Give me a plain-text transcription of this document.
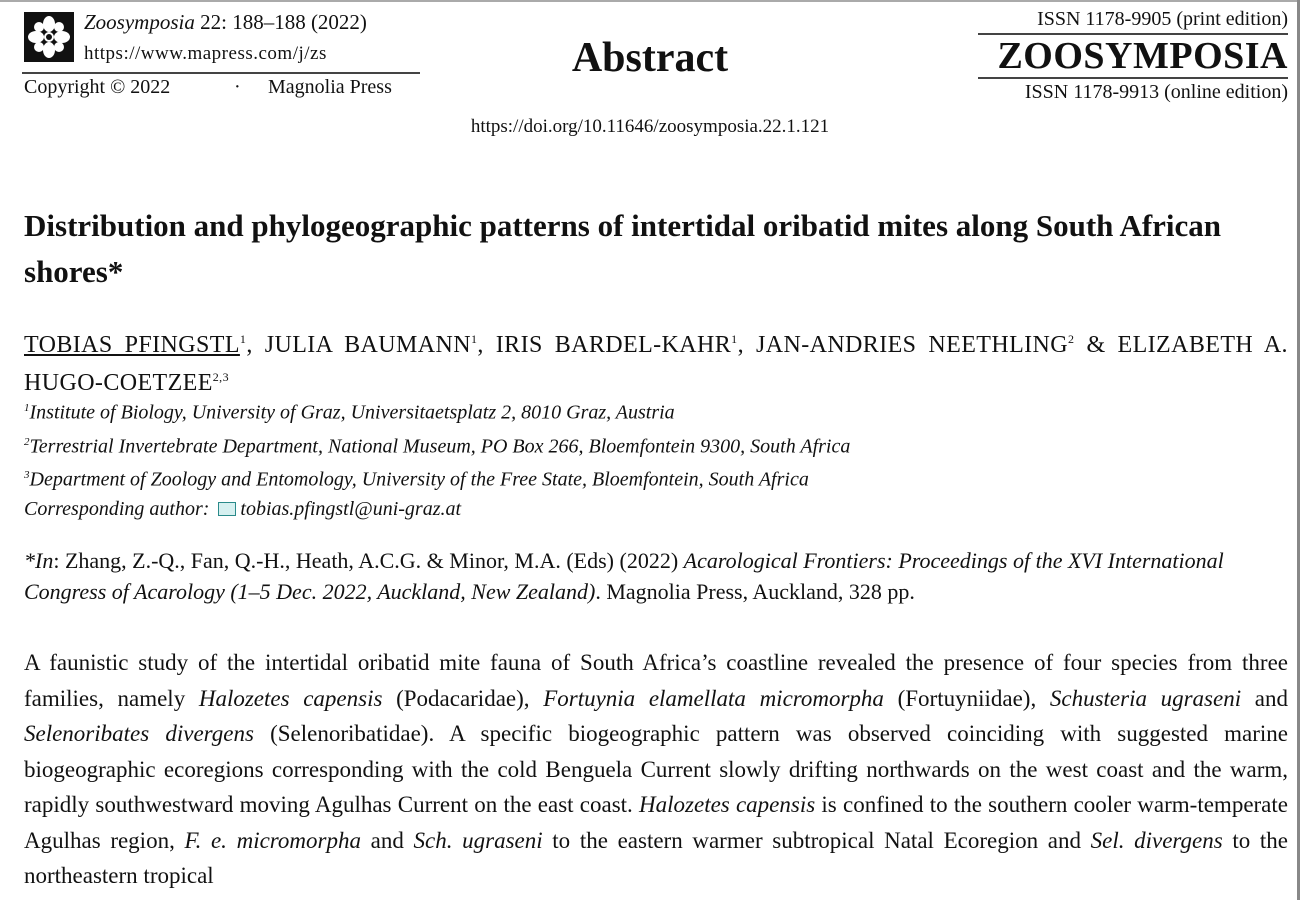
Zoosymposia 22: 188–188 (2022)
https://www.mapress.com/j/zs
Copyright © 2022	· Magnolia Press
Abstract
https://doi.org/10.11646/zoosymposia.22.1.121
ISSN 1178-9905 (print edition)
ZOOSYMPOSIA
ISSN 1178-9913 (online edition)
Distribution and phylogeographic patterns of intertidal oribatid mites along South African shores*
TOBIAS PFINGSTL$^1$, JULIA BAUMANN$^1$, IRIS BARDEL-KAHR$^1$, JAN-ANDRIES NEETHLING$^2$ & ELIZABETH A. HUGO-COETZEE$^{2,3}$
$^1$Institute of Biology, University of Graz, Universitaetsplatz 2, 8010 Graz, Austria
$^2$Terrestrial Invertebrate Department, National Museum, PO Box 266, Bloemfontein 9300, South Africa
$^3$Department of Zoology and Entomology, University of the Free State, Bloemfontein, South Africa
Corresponding author: tobias.pfingstl@uni-graz.at
*In: Zhang, Z.-Q., Fan, Q.-H., Heath, A.C.G. & Minor, M.A. (Eds) (2022) Acarological Frontiers: Proceedings of the XVI International Congress of Acarology (1–5 Dec. 2022, Auckland, New Zealand). Magnolia Press, Auckland, 328 pp.

A faunistic study of the intertidal oribatid mite fauna of South Africa’s coastline revealed the presence of four species from three families, namely Halozetes capensis (Podacaridae), Fortuynia elamellata micromorpha (Fortuyniidae), Schusteria ugraseni and Selenoribates divergens (Selenoribatidae). A specific biogeographic pattern was observed coinciding with suggested marine biogeographic ecoregions corresponding with the cold Benguela Current slowly drifting northwards on the west coast and the warm, rapidly southwestward moving Agulhas Current on the east coast. Halozetes capensis is confined to the southern cooler warm-temperate Agulhas region, F. e. micromorpha and Sch. ugraseni to the eastern warmer subtropical Natal Ecoregion and Sel. divergens to the northeastern tropical
